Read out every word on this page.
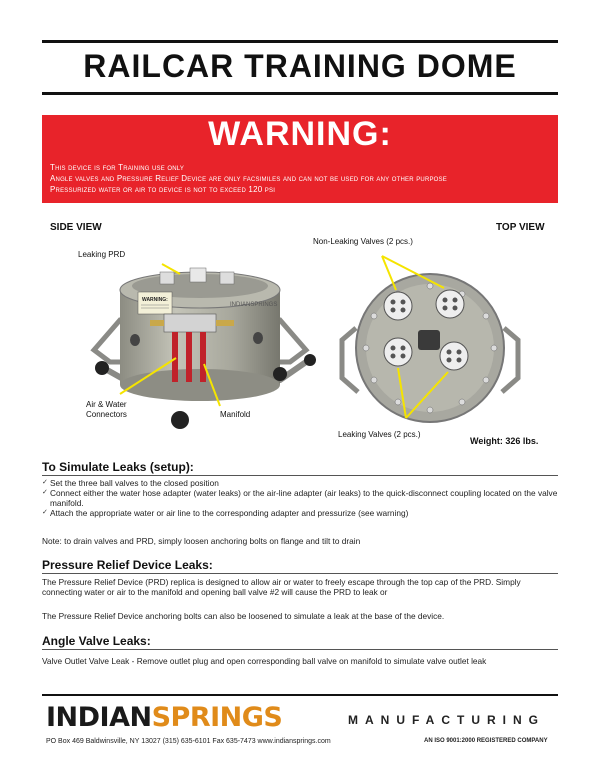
RAILCAR TRAINING DOME
WARNING:
This device is for Training use only
Angle valves and Pressure Relief Device are only facsimiles and can not be used for any other purpose
Pressurized water or air to device is not to exceed 120 psi
SIDE VIEW	TOP VIEW
WARNING:
INDIANSPRINGS
Leaking PRD
Air & Water
Connectors	Manifold
Non-Leaking Valves (2 pcs.)
Leaking Valves (2 pcs.)
Weight: 326 lbs.
To Simulate Leaks (setup):
✓ Set the three ball valves to the closed position
✓ Connect either the water hose adapter (water leaks) or the air-line adapter (air leaks) to the quick-disconnect coupling located on the valve manifold.
✓ Attach the appropriate water or air line to the corresponding adapter and pressurize (see warning)
Note: to drain valves and PRD, simply loosen anchoring bolts on flange and tilt to drain
Pressure Relief Device Leaks:
The Pressure Relief Device (PRD) replica is designed to allow air or water to freely escape through the top cap of the PRD. Simply connecting water or air to the manifold and opening ball valve #2 will cause the PRD to leak or
The Pressure Relief Device anchoring bolts can also be loosened to simulate a leak at the base of the device.
Angle Valve Leaks:
Valve Outlet Valve Leak - Remove outlet plug and open corresponding ball valve on manifold to simulate valve outlet leak
INDIANSPRINGS	MANUFACTURING
PO Box 469 Baldwinsville, NY 13027 (315) 635-6101 Fax 635-7473 www.indiansprings.com	AN ISO 9001:2000 REGISTERED COMPANY
